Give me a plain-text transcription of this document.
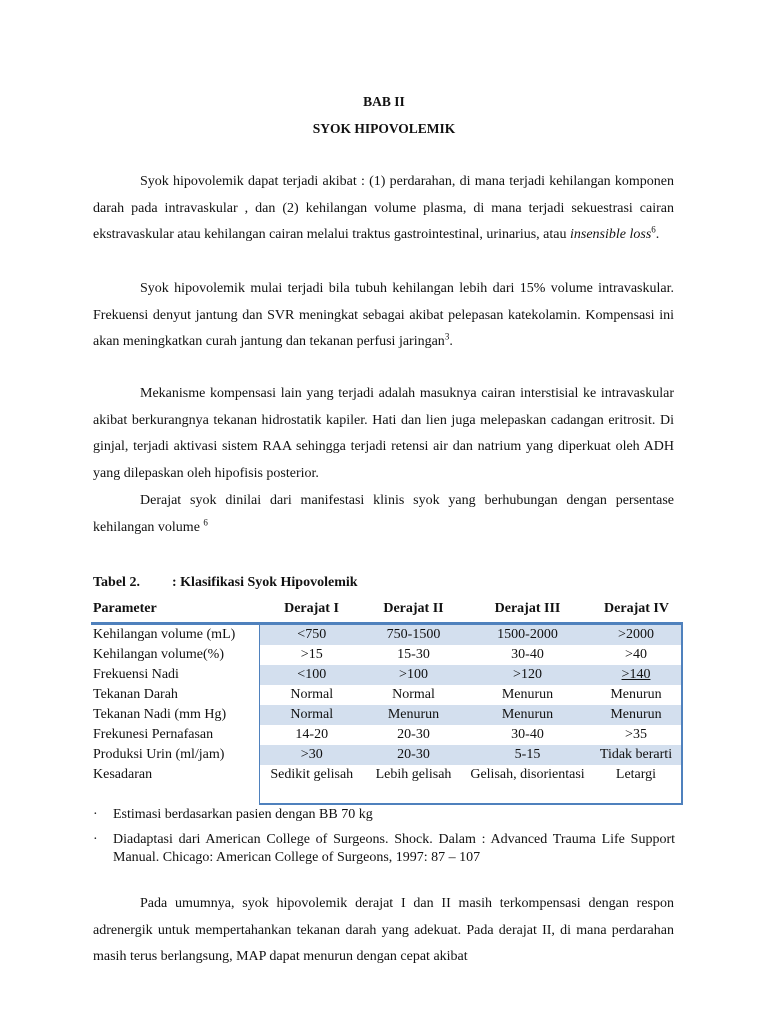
BAB II
SYOK HIPOVOLEMIK

Syok hipovolemik dapat terjadi akibat : (1) perdarahan, di mana terjadi kehilangan komponen darah pada intravaskular , dan (2) kehilangan volume plasma, di mana terjadi sekuestrasi cairan ekstravaskular atau kehilangan cairan melalui traktus gastrointestinal, urinarius, atau insensible loss$^6$.

Syok hipovolemik mulai terjadi bila tubuh kehilangan lebih dari 15% volume intravaskular. Frekuensi denyut jantung dan SVR meningkat sebagai akibat pelepasan katekolamin. Kompensasi ini akan meningkatkan curah jantung dan tekanan perfusi jaringan$^3$.

Mekanisme kompensasi lain yang terjadi adalah masuknya cairan interstisial ke intravaskular akibat berkurangnya tekanan hidrostatik kapiler. Hati dan lien juga melepaskan cadangan eritrosit. Di ginjal, terjadi aktivasi sistem RAA sehingga terjadi retensi air dan natrium yang diperkuat oleh ADH yang dilepaskan oleh hipofisis posterior.

Derajat syok dinilai dari manifestasi klinis syok yang berhubungan dengan persentase kehilangan volume $^6$

Tabel 2. : Klasifikasi Syok Hipovolemik
Parameter	Derajat I	Derajat II	Derajat III	Derajat IV
Kehilangan volume (mL)	<750	750-1500	1500-2000	>2000
Kehilangan volume(%)	>15	15-30	30-40	>40
Frekuensi Nadi	<100	>100	>120	>140
Tekanan Darah	Normal	Normal	Menurun	Menurun
Tekanan Nadi (mm Hg)	Normal	Menurun	Menurun	Menurun
Frekunesi Pernafasan	14-20	20-30	30-40	>35
Produksi Urin (ml/jam)	>30	20-30	5-15	Tidak berarti
Kesadaran	Sedikit gelisah	Lebih gelisah	Gelisah, disorientasi	Letargi
· Estimasi berdasarkan pasien dengan BB 70 kg
· Diadaptasi dari American College of Surgeons. Shock. Dalam : Advanced Trauma Life Support Manual. Chicago: American College of Surgeons, 1997: 87 – 107

Pada umumnya, syok hipovolemik derajat I dan II masih terkompensasi dengan respon adrenergik untuk mempertahankan tekanan darah yang adekuat. Pada derajat II, di mana perdarahan masih terus berlangsung, MAP dapat menurun dengan cepat akibat
